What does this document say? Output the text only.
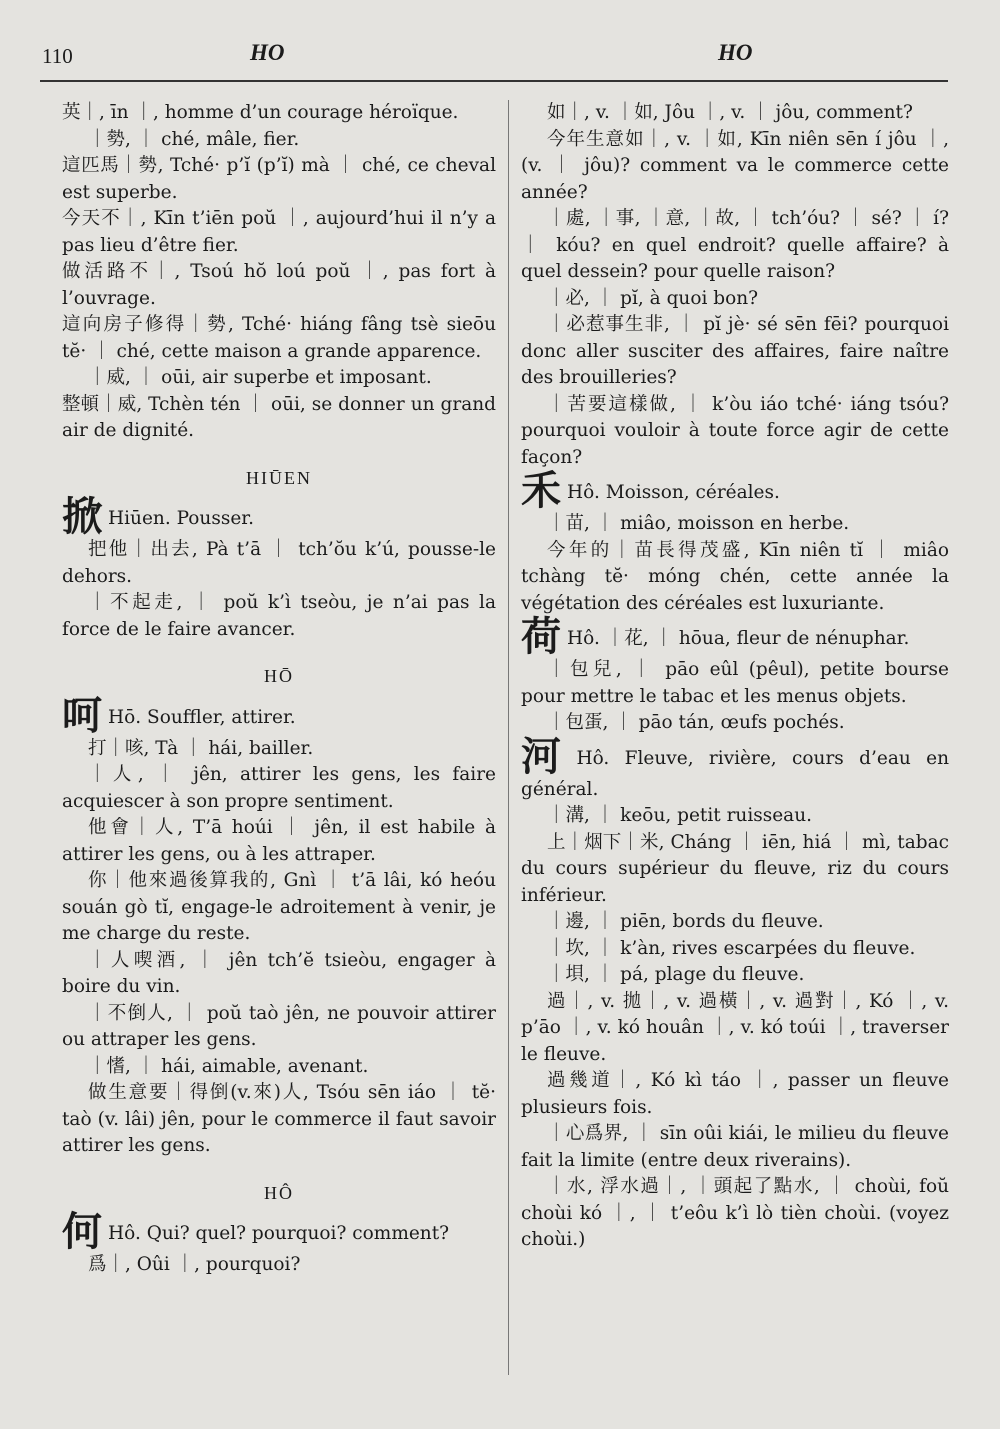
110	HO	HO

英｜, īn ｜, homme d’un courage héroïque.

｜勢, ｜ ché, mâle, fier.

這匹馬｜勢, Tché· p’ĭ (p’ĭ) mà ｜ ché, ce cheval est superbe.

今天不｜, Kīn t’iēn poŭ ｜, aujourd’hui il n’y a pas lieu d’être fier.

做活路不｜, Tsoú hŏ loú poŭ ｜, pas fort à l’ouvrage.

這向房子修得｜勢, Tché· hiáng fâng tsè sieōu tĕ· ｜ ché, cette maison a grande apparence.

｜威, ｜ oūi, air superbe et imposant.

整頓｜威, Tchèn tén ｜ oūi, se donner un grand air de dignité.

HIŪEN

掀 Hiūen. Pousser.

把他｜出去, Pà t’ā ｜ tch’ŏu k’ú, pousse-le dehors.

｜不起走, ｜ poŭ k’ì tseòu, je n’ai pas la force de le faire avancer.

HŌ

呵 Hō. Souffler, attirer.

打｜咳, Tà ｜ hái, bailler.

｜人, ｜ jên, attirer les gens, les faire acquiescer à son propre sentiment.

他會｜人, T’ā hoúi ｜ jên, il est habile à attirer les gens, ou à les attraper.

你｜他來過後算我的, Gnì ｜ t’ā lâi, kó heóu souán gò tĭ, engage-le adroitement à venir, je me charge du reste.

｜人喫酒, ｜ jên tch’ĕ tsieòu, engager à boire du vin.

｜不倒人, ｜ poŭ taò jên, ne pouvoir attirer ou attraper les gens.

｜愭, ｜ hái, aimable, avenant.

做生意要｜得倒(v.來)人, Tsóu sēn iáo ｜ tĕ· taò (v. lâi) jên, pour le commerce il faut savoir attirer les gens.

HÔ

何 Hô. Qui? quel? pourquoi? comment?

爲｜, Oûi ｜, pourquoi?

如｜, v. ｜如, Jôu ｜, v. ｜ jôu, comment?

今年生意如｜, v. ｜如, Kīn niên sēn í jôu ｜, (v. ｜ jôu)? comment va le commerce cette année?

｜處, ｜事, ｜意, ｜故, ｜ tch’óu? ｜ sé? ｜ í? ｜ kóu? en quel endroit? quelle affaire? à quel dessein? pour quelle raison?

｜必, ｜ pĭ, à quoi bon?

｜必惹事生非, ｜ pĭ jè· sé sēn fēi? pourquoi donc aller susciter des affaires, faire naître des brouilleries?

｜苦要這樣做, ｜ k’òu iáo tché· iáng tsóu? pourquoi vouloir à toute force agir de cette façon?

禾 Hô. Moisson, céréales.

｜苗, ｜ miâo, moisson en herbe.

今年的｜苗長得茂盛, Kīn niên tĭ ｜ miâo tchàng tĕ· móng chén, cette année la végétation des céréales est luxuriante.

荷 Hô. ｜花, ｜ hōua, fleur de nénuphar.

｜包兒, ｜ pāo eûl (pêul), petite bourse pour mettre le tabac et les menus objets.

｜包蛋, ｜ pāo tán, œufs pochés.

河 Hô. Fleuve, rivière, cours d’eau en général.

｜溝, ｜ keōu, petit ruisseau.

上｜烟下｜米, Cháng ｜ iēn, hiá ｜ mì, tabac du cours supérieur du fleuve, riz du cours inférieur.

｜邊, ｜ piēn, bords du fleuve.

｜坎, ｜ k’àn, rives escarpées du fleuve.

｜垻, ｜ pá, plage du fleuve.

過｜, v. 拋｜, v. 過橫｜, v. 過對｜, Kó ｜, v. p’āo ｜, v. kó houân ｜, v. kó toúi ｜, traverser le fleuve.

過幾道｜, Kó kì táo ｜, passer un fleuve plusieurs fois.

｜心爲界, ｜ sīn oûi kiái, le milieu du fleuve fait la limite (entre deux riverains).

｜水, 浮水過｜, ｜頭起了點水, ｜ choùi, foŭ choùi kó ｜, ｜ t’eôu k’ì lò tièn choùi. (voyez choùi.)
